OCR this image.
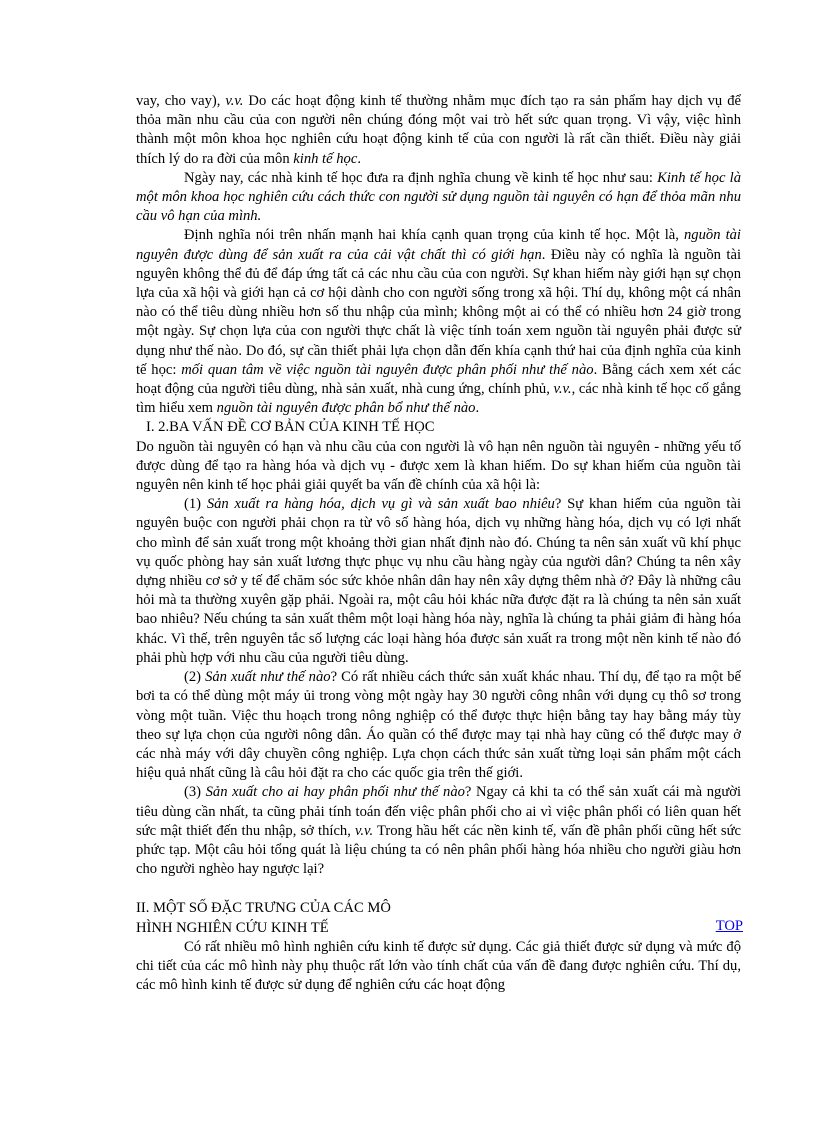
vay, cho vay), v.v. Do các hoạt động kinh tế thường nhằm mục đích tạo ra sản phẩm hay dịch vụ để thỏa mãn nhu cầu của con người nên chúng đóng một vai trò hết sức quan trọng. Vì vậy, việc hình thành một môn khoa học nghiên cứu hoạt động kinh tế của con người là rất cần thiết. Điều này giải thích lý do ra đời của môn kinh tế học.

Ngày nay, các nhà kinh tế học đưa ra định nghĩa chung về kinh tế học như sau: Kinh tế học là một môn khoa học nghiên cứu cách thức con người sử dụng nguồn tài nguyên có hạn để thỏa mãn nhu cầu vô hạn của mình.

Định nghĩa nói trên nhấn mạnh hai khía cạnh quan trọng của kinh tế học. Một là, nguồn tài nguyên được dùng để sản xuất ra của cải vật chất thì có giới hạn. Điều này có nghĩa là nguồn tài nguyên không thể đủ để đáp ứng tất cả các nhu cầu của con người. Sự khan hiếm này giới hạn sự chọn lựa của xã hội và giới hạn cả cơ hội dành cho con người sống trong xã hội. Thí dụ, không một cá nhân nào có thể tiêu dùng nhiều hơn số thu nhập của mình; không một ai có thể có nhiều hơn 24 giờ trong một ngày. Sự chọn lựa của con người thực chất là việc tính toán xem nguồn tài nguyên phải được sử dụng như thế nào. Do đó, sự cần thiết phải lựa chọn dẫn đến khía cạnh thứ hai của định nghĩa của kinh tế học: mối quan tâm về việc nguồn tài nguyên được phân phối như thế nào. Bằng cách xem xét các hoạt động của người tiêu dùng, nhà sản xuất, nhà cung ứng, chính phủ, v.v., các nhà kinh tế học cố gắng tìm hiểu xem nguồn tài nguyên được phân bổ như thế nào.

I. 2.BA VẤN ĐỀ CƠ BẢN CỦA KINH TẾ HỌC

Do nguồn tài nguyên có hạn và nhu cầu của con người là vô hạn nên nguồn tài nguyên - những yếu tố được dùng để tạo ra hàng hóa và dịch vụ - được xem là khan hiếm. Do sự khan hiếm của nguồn tài nguyên nên kinh tế học phải giải quyết ba vấn đề chính của xã hội là:

(1) Sản xuất ra hàng hóa, dịch vụ gì và sản xuất bao nhiêu? Sự khan hiếm của nguồn tài nguyên buộc con người phải chọn ra từ vô số hàng hóa, dịch vụ những hàng hóa, dịch vụ có lợi nhất cho mình để sản xuất trong một khoảng thời gian nhất định nào đó. Chúng ta nên sản xuất vũ khí phục vụ quốc phòng hay sản xuất lương thực phục vụ nhu cầu hàng ngày của người dân? Chúng ta nên xây dựng nhiều cơ sở y tế để chăm sóc sức khỏe nhân dân hay nên xây dựng thêm nhà ở? Đây là những câu hỏi mà ta thường xuyên gặp phải. Ngoài ra, một câu hỏi khác nữa được đặt ra là chúng ta nên sản xuất bao nhiêu? Nếu chúng ta sản xuất thêm một loại hàng hóa này, nghĩa là chúng ta phải giảm đi hàng hóa khác. Vì thế, trên nguyên tắc số lượng các loại hàng hóa được sản xuất ra trong một nền kinh tế nào đó phải phù hợp với nhu cầu của người tiêu dùng.

(2) Sản xuất như thế nào? Có rất nhiều cách thức sản xuất khác nhau. Thí dụ, để tạo ra một bể bơi ta có thể dùng một máy ủi trong vòng một ngày hay 30 người công nhân với dụng cụ thô sơ trong vòng một tuần. Việc thu hoạch trong nông nghiệp có thể được thực hiện bằng tay hay bằng máy tùy theo sự lựa chọn của người nông dân. Áo quần có thể được may tại nhà hay cũng có thể được may ở các nhà máy với dây chuyền công nghiệp. Lựa chọn cách thức sản xuất từng loại sản phẩm một cách hiệu quả nhất cũng là câu hỏi đặt ra cho các quốc gia trên thế giới.

(3) Sản xuất cho ai hay phân phối như thế nào? Ngay cả khi ta có thể sản xuất cái mà người tiêu dùng cần nhất, ta cũng phải tính toán đến việc phân phối cho ai vì việc phân phối có liên quan hết sức mật thiết đến thu nhập, sở thích, v.v. Trong hầu hết các nền kinh tế, vấn đề phân phối cũng hết sức phức tạp. Một câu hỏi tổng quát là liệu chúng ta có nên phân phối hàng hóa nhiều cho người giàu hơn cho người nghèo hay ngược lại?

II. MỘT SỐ ĐẶC TRƯNG CỦA CÁC MÔ
HÌNH NGHIÊN CỨU KINH TẾ	TOP

Có rất nhiều mô hình nghiên cứu kinh tế được sử dụng. Các giả thiết được sử dụng và mức độ chi tiết của các mô hình này phụ thuộc rất lớn vào tính chất của vấn đề đang được nghiên cứu. Thí dụ, các mô hình kinh tế được sử dụng để nghiên cứu các hoạt động
